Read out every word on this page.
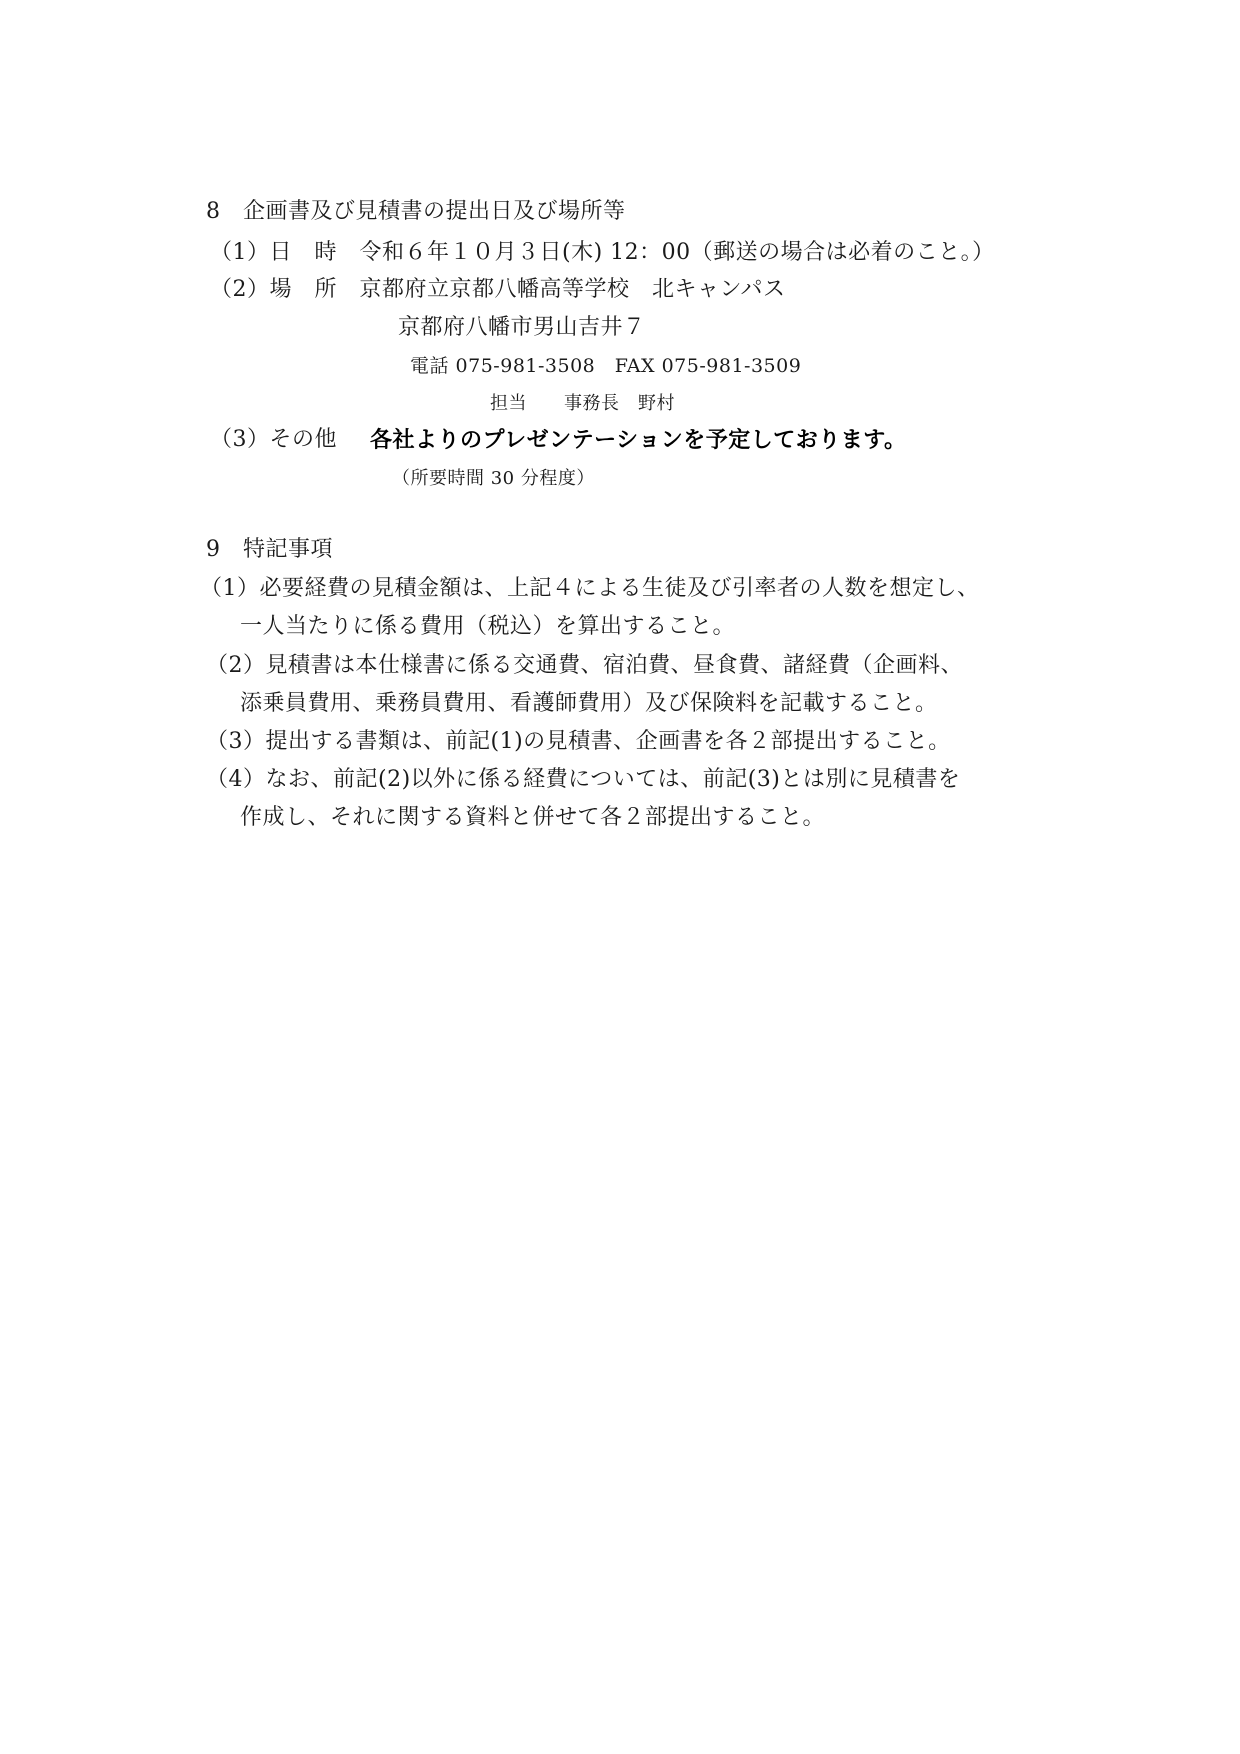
8　企画書及び見積書の提出日及び場所等
（1）日　時　令和６年１０月３日(木) 12：00（郵送の場合は必着のこと。）
（2）場　所　京都府立京都八幡高等学校　北キャンパス
京都府八幡市男山吉井７
電話 075-981-3508　FAX 075-981-3509
担当　　事務長　野村
（3）その他 各社よりのプレゼンテーションを予定しております。
（所要時間 30 分程度）
9　特記事項
（1）必要経費の見積金額は、上記４による生徒及び引率者の人数を想定し、
一人当たりに係る費用（税込）を算出すること。
（2）見積書は本仕様書に係る交通費、宿泊費、昼食費、諸経費（企画料、
添乗員費用、乗務員費用、看護師費用）及び保険料を記載すること。
（3）提出する書類は、前記(1)の見積書、企画書を各２部提出すること。
（4）なお、前記(2)以外に係る経費については、前記(3)とは別に見積書を
作成し、それに関する資料と併せて各２部提出すること。
